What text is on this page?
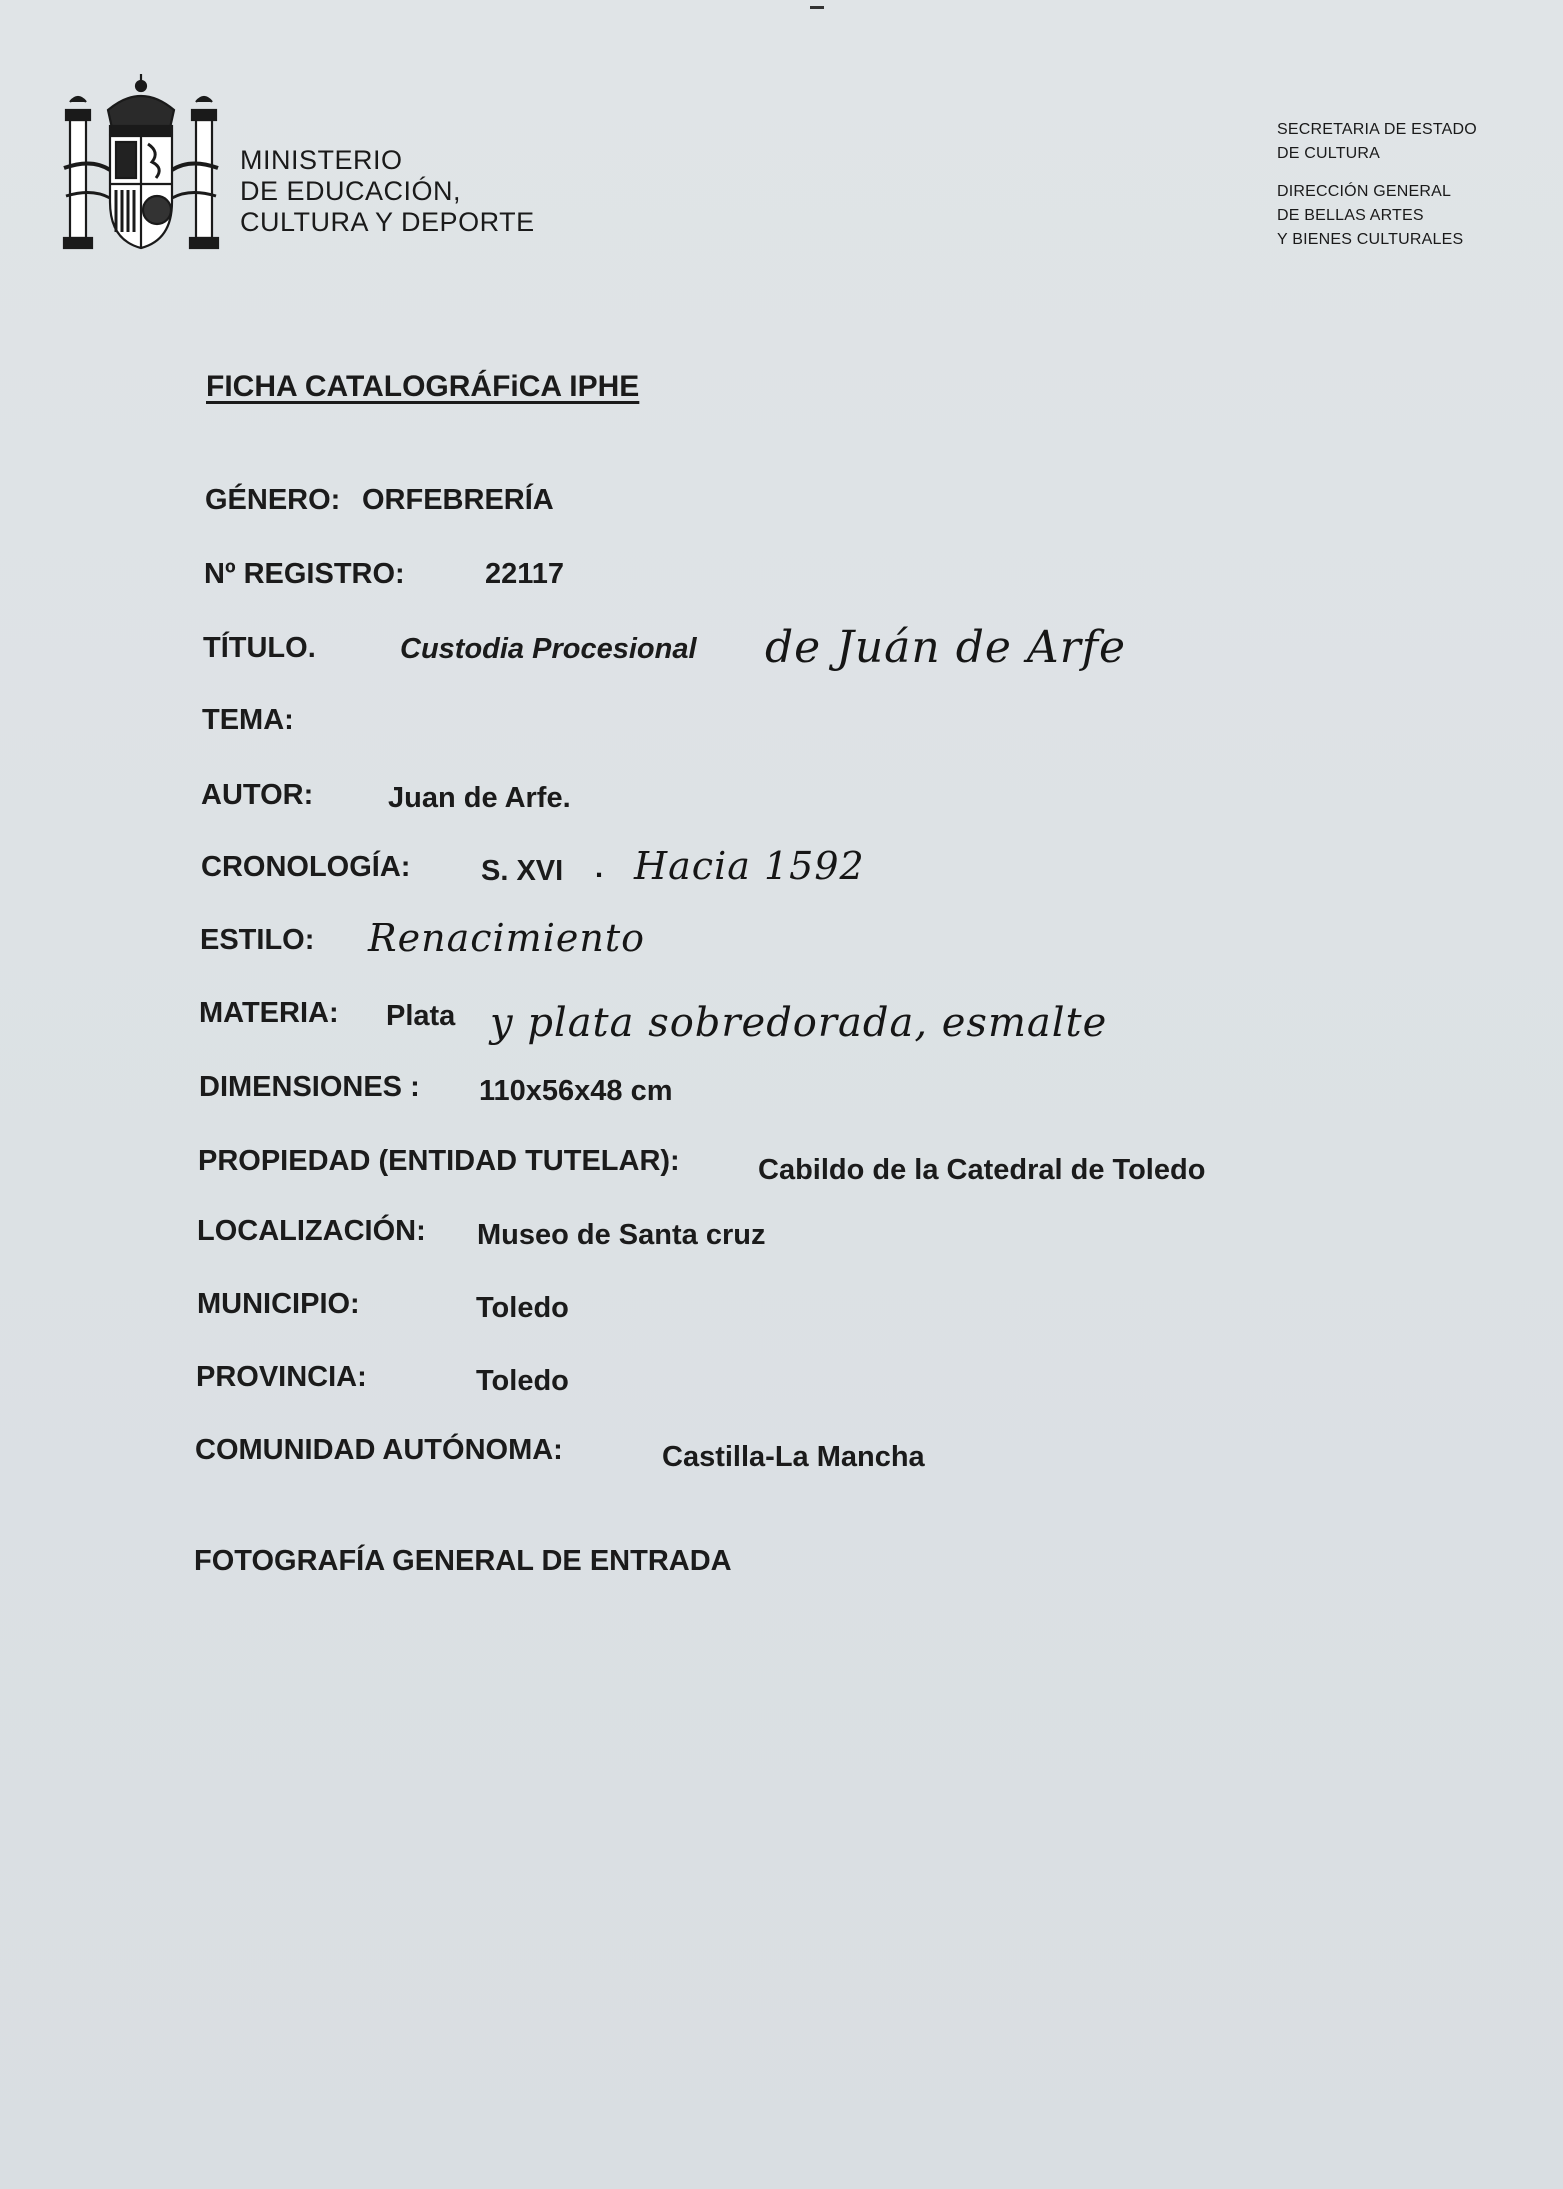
MINISTERIO
DE EDUCACIÓN,
CULTURA Y DEPORTE
SECRETARIA DE ESTADO
DE CULTURA
DIRECCIÓN GENERAL
DE BELLAS ARTES
Y BIENES CULTURALES
FICHA CATALOGRÁFiCA IPHE
GÉNERO: ORFEBRERÍA
Nº REGISTRO:	22117
TÍTULO.	Custodia Procesional de Juán de Arfe
TEMA:
AUTOR:	Juan de Arfe.
CRONOLOGÍA: S. XVI . Hacia 1592
ESTILO: Renacimiento
MATERIA: Plata y plata sobredorada, esmalte
DIMENSIONES : 110x56x48 cm
PROPIEDAD (ENTIDAD TUTELAR):	Cabildo de la Catedral de Toledo
LOCALIZACIÓN: Museo de Santa cruz
MUNICIPIO:	Toledo
PROVINCIA:	Toledo
COMUNIDAD AUTÓNOMA:	Castilla-La Mancha
FOTOGRAFÍA GENERAL DE ENTRADA
